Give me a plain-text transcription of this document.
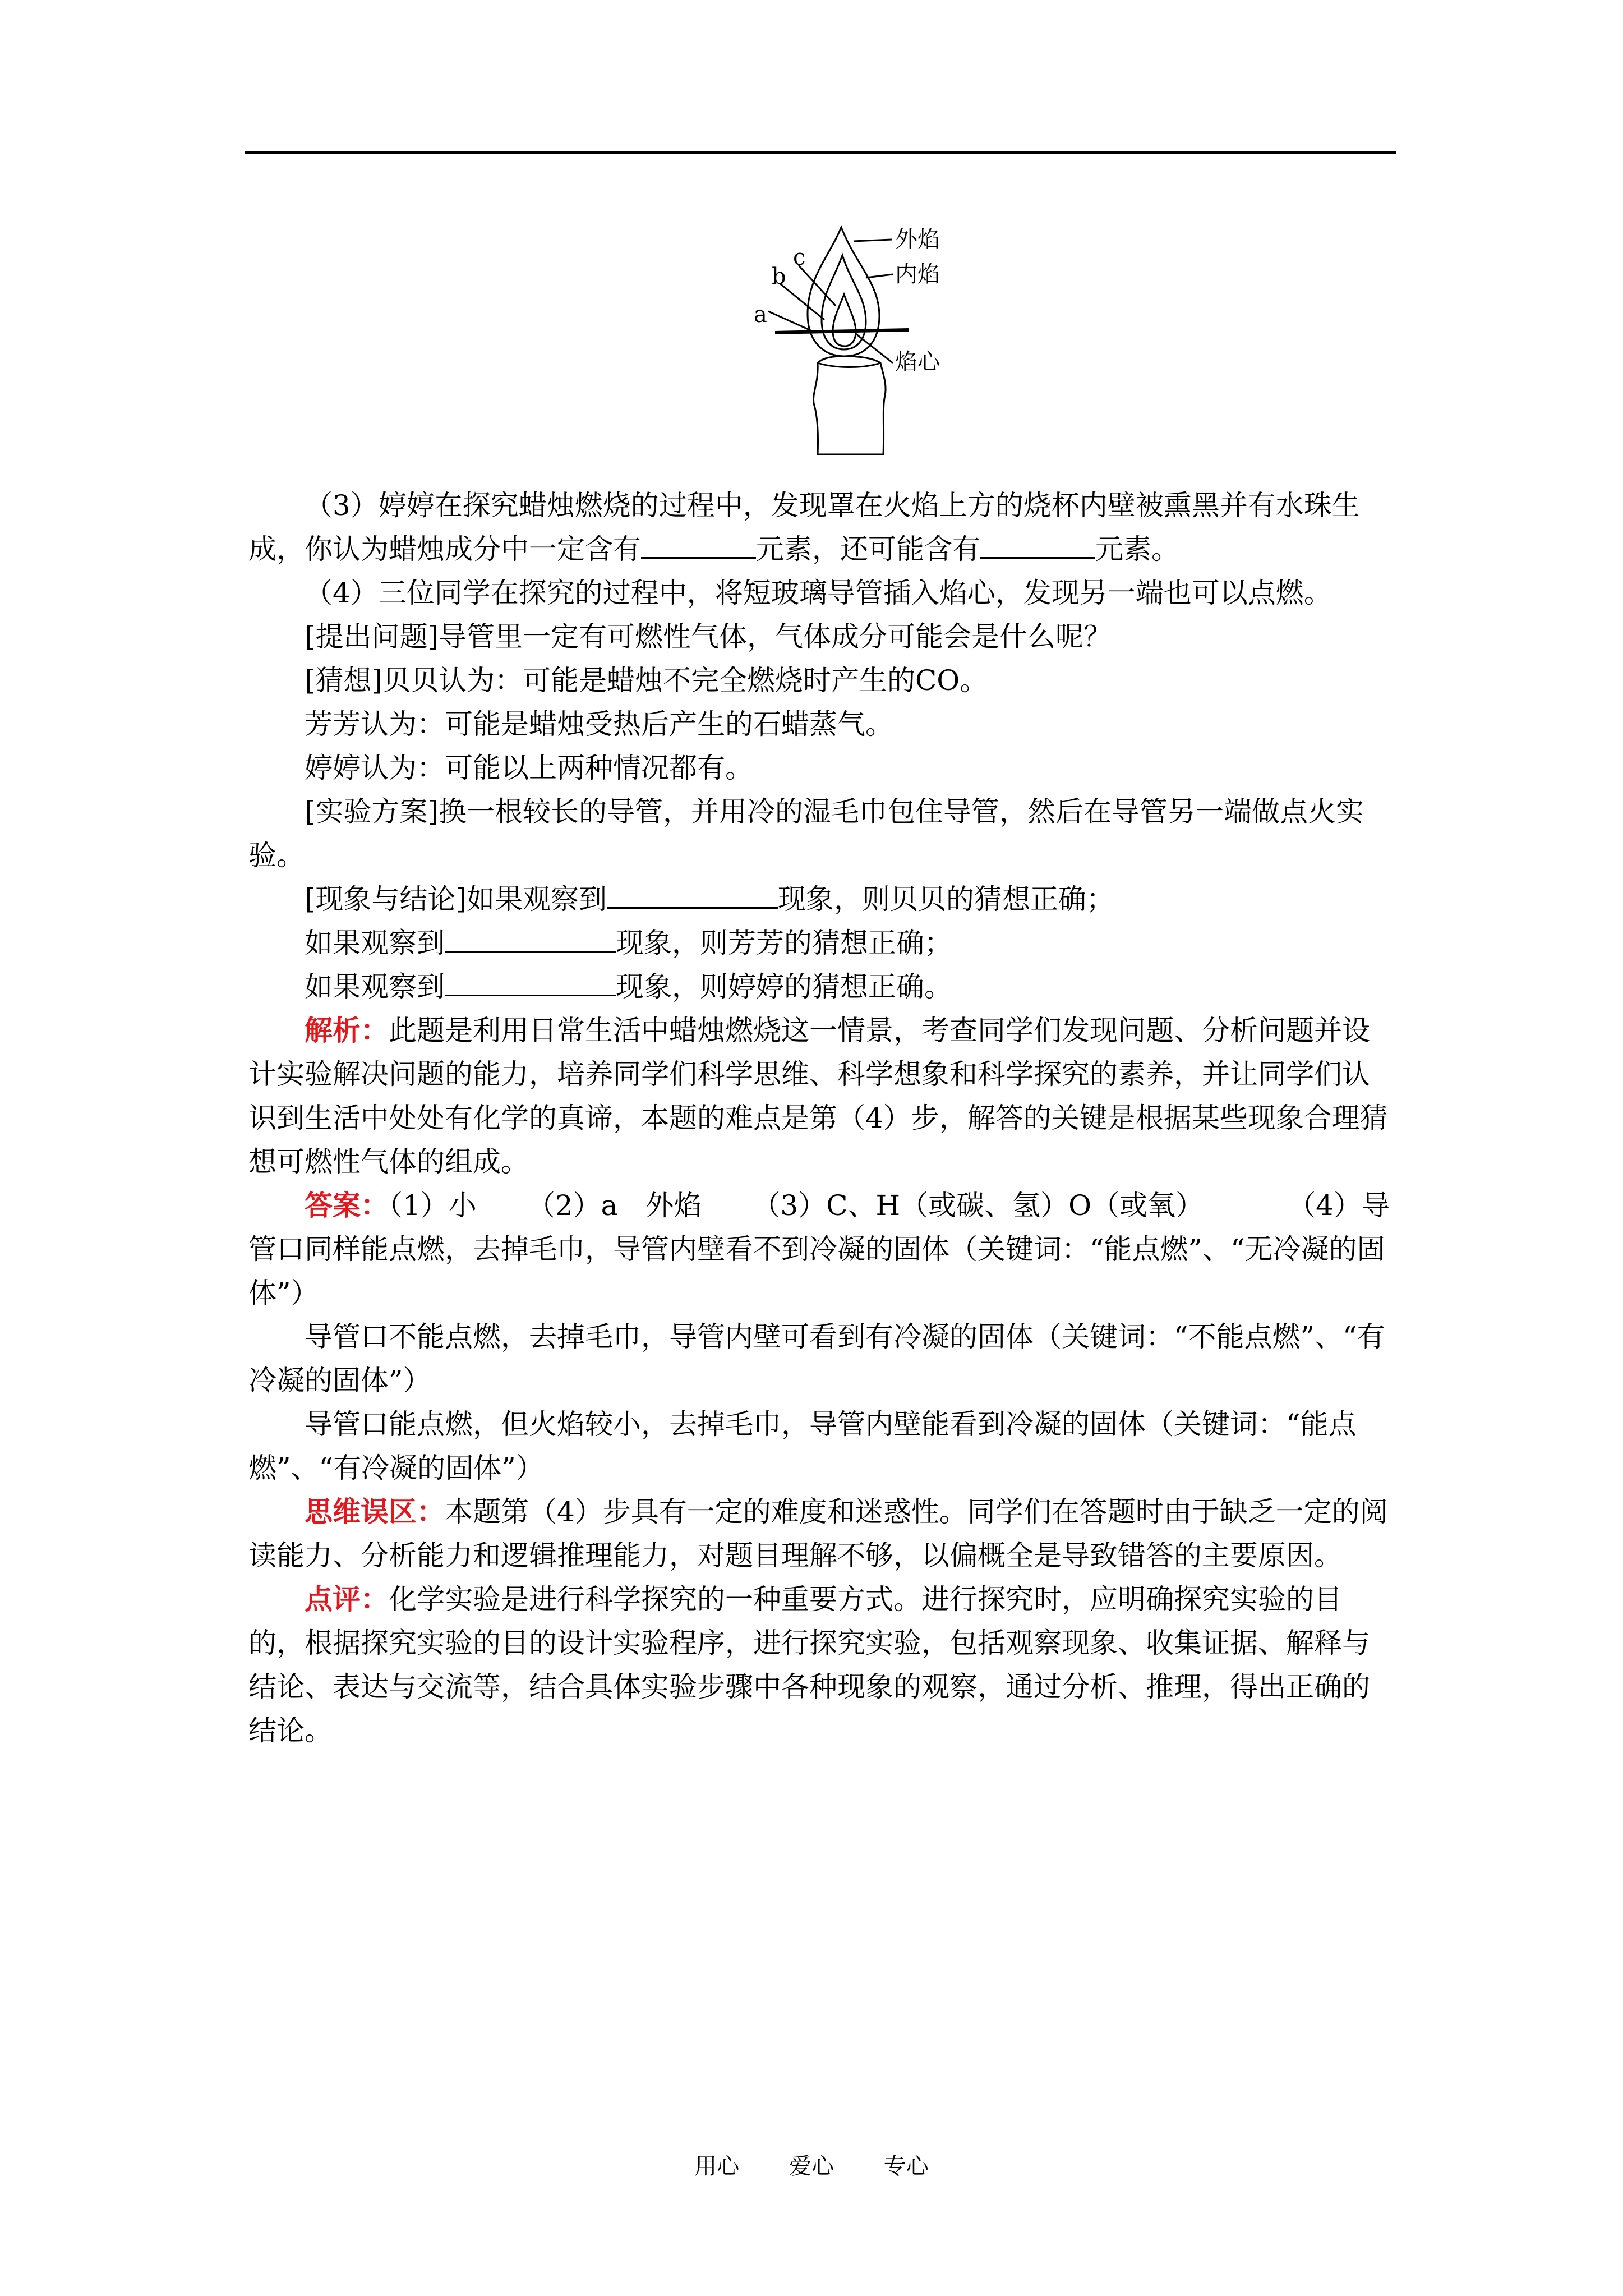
外焰
内焰
焰心
c
b
a

（3）婷婷在探究蜡烛燃烧的过程中，发现罩在火焰上方的烧杯内壁被熏黑并有水珠生成，你认为蜡烛成分中一定含有	元素，还可能含有	元素。

（4）三位同学在探究的过程中，将短玻璃导管插入焰心，发现另一端也可以点燃。

[提出问题]导管里一定有可燃性气体，气体成分可能会是什么呢？

[猜想]贝贝认为：可能是蜡烛不完全燃烧时产生的CO。

芳芳认为：可能是蜡烛受热后产生的石蜡蒸气。

婷婷认为：可能以上两种情况都有。

[实验方案]换一根较长的导管，并用冷的湿毛巾包住导管，然后在导管另一端做点火实验。

[现象与结论]如果观察到	现象，则贝贝的猜想正确；

如果观察到	现象，则芳芳的猜想正确；

如果观察到	现象，则婷婷的猜想正确。

解析：此题是利用日常生活中蜡烛燃烧这一情景，考查同学们发现问题、分析问题并设计实验解决问题的能力，培养同学们科学思维、科学想象和科学探究的素养，并让同学们认识到生活中处处有化学的真谛，本题的难点是第（4）步，解答的关键是根据某些现象合理猜想可燃性气体的组成。

答案：（1）小 （2）a　外焰 （3）C、H（或碳、氢）O（或氧）	（4）导管口同样能点燃，去掉毛巾，导管内壁看不到冷凝的固体（关键词：“能点燃”、“无冷凝的固体”）

导管口不能点燃，去掉毛巾，导管内壁可看到有冷凝的固体（关键词：“不能点燃”、“有冷凝的固体”）

导管口能点燃，但火焰较小，去掉毛巾，导管内壁能看到冷凝的固体（关键词：“能点燃”、“有冷凝的固体”）

思维误区：本题第（4）步具有一定的难度和迷惑性。同学们在答题时由于缺乏一定的阅读能力、分析能力和逻辑推理能力，对题目理解不够，以偏概全是导致错答的主要原因。

点评：化学实验是进行科学探究的一种重要方式。进行探究时，应明确探究实验的目的，根据探究实验的目的设计实验程序，进行探究实验，包括观察现象、收集证据、解释与结论、表达与交流等，结合具体实验步骤中各种现象的观察，通过分析、推理，得出正确的结论。

用心 爱心 专心
